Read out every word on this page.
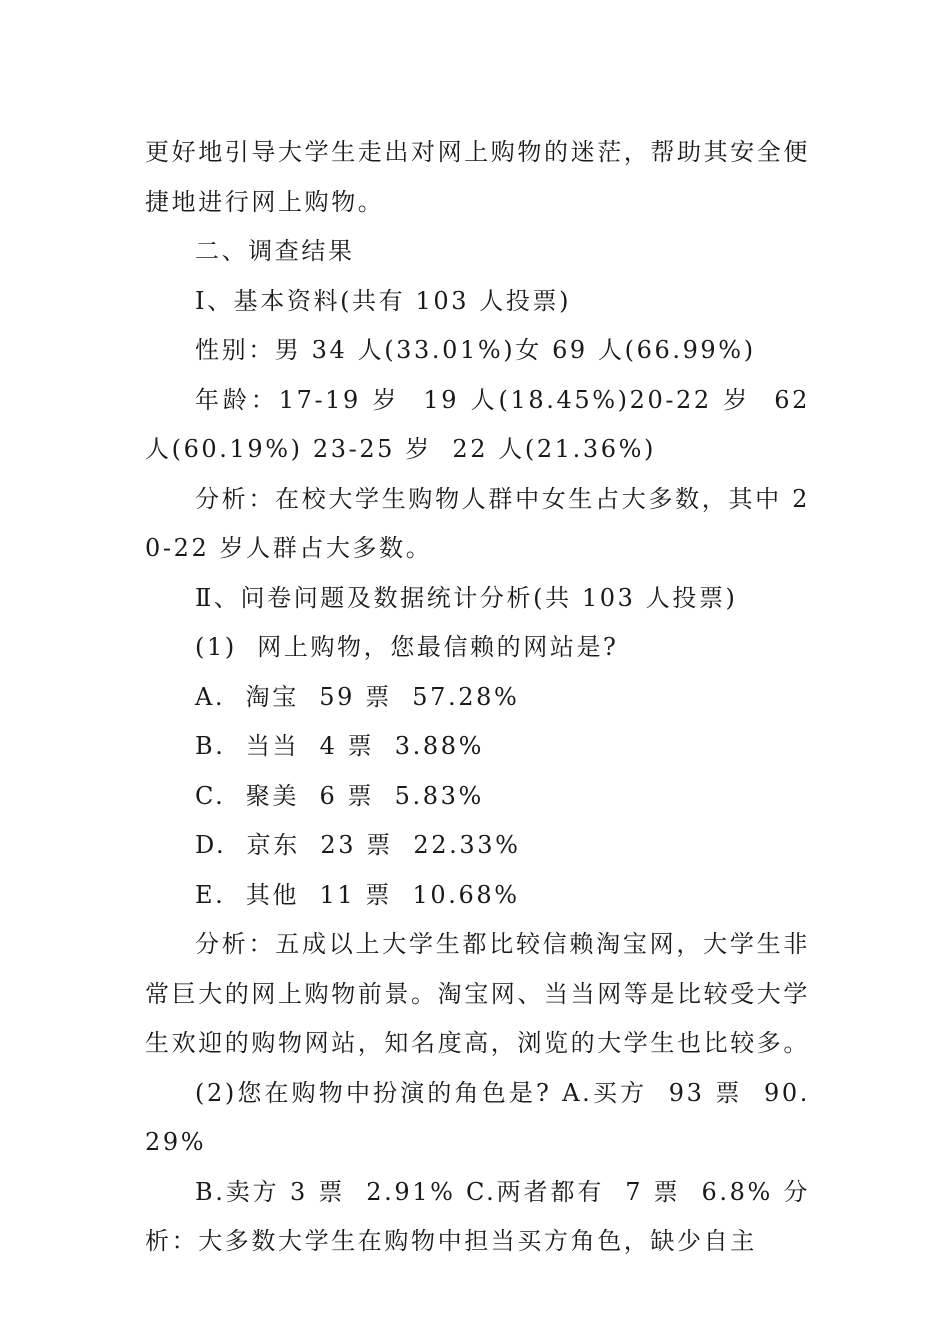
更好地引导大学生走出对网上购物的迷茫，帮助其安全便捷地进行网上购物。

二、调查结果

Ⅰ、基本资料(共有 103 人投票)

性别：男 34 人(33.01%)女 69 人(66.99%)

年龄：17-19 岁  19 人(18.45%)20-22 岁  62 人(60.19%) 23-25 岁  22 人(21.36%)

分析：在校大学生购物人群中女生占大多数，其中 20-22 岁人群占大多数。

Ⅱ、问卷问题及数据统计分析(共 103 人投票)

(1)  网上购物，您最信赖的网站是?

A.  淘宝  59 票  57.28%

B.  当当  4 票  3.88%

C.  聚美  6 票  5.83%

D.  京东  23 票  22.33%

E.  其他  11 票  10.68%

分析：五成以上大学生都比较信赖淘宝网，大学生非常巨大的网上购物前景。淘宝网、当当网等是比较受大学生欢迎的购物网站，知名度高，浏览的大学生也比较多。

(2)您在购物中扮演的角色是? A.买方  93 票  90.29%

B.卖方 3 票  2.91% C.两者都有  7 票  6.8% 分析：大多数大学生在购物中担当买方角色，缺少自主
